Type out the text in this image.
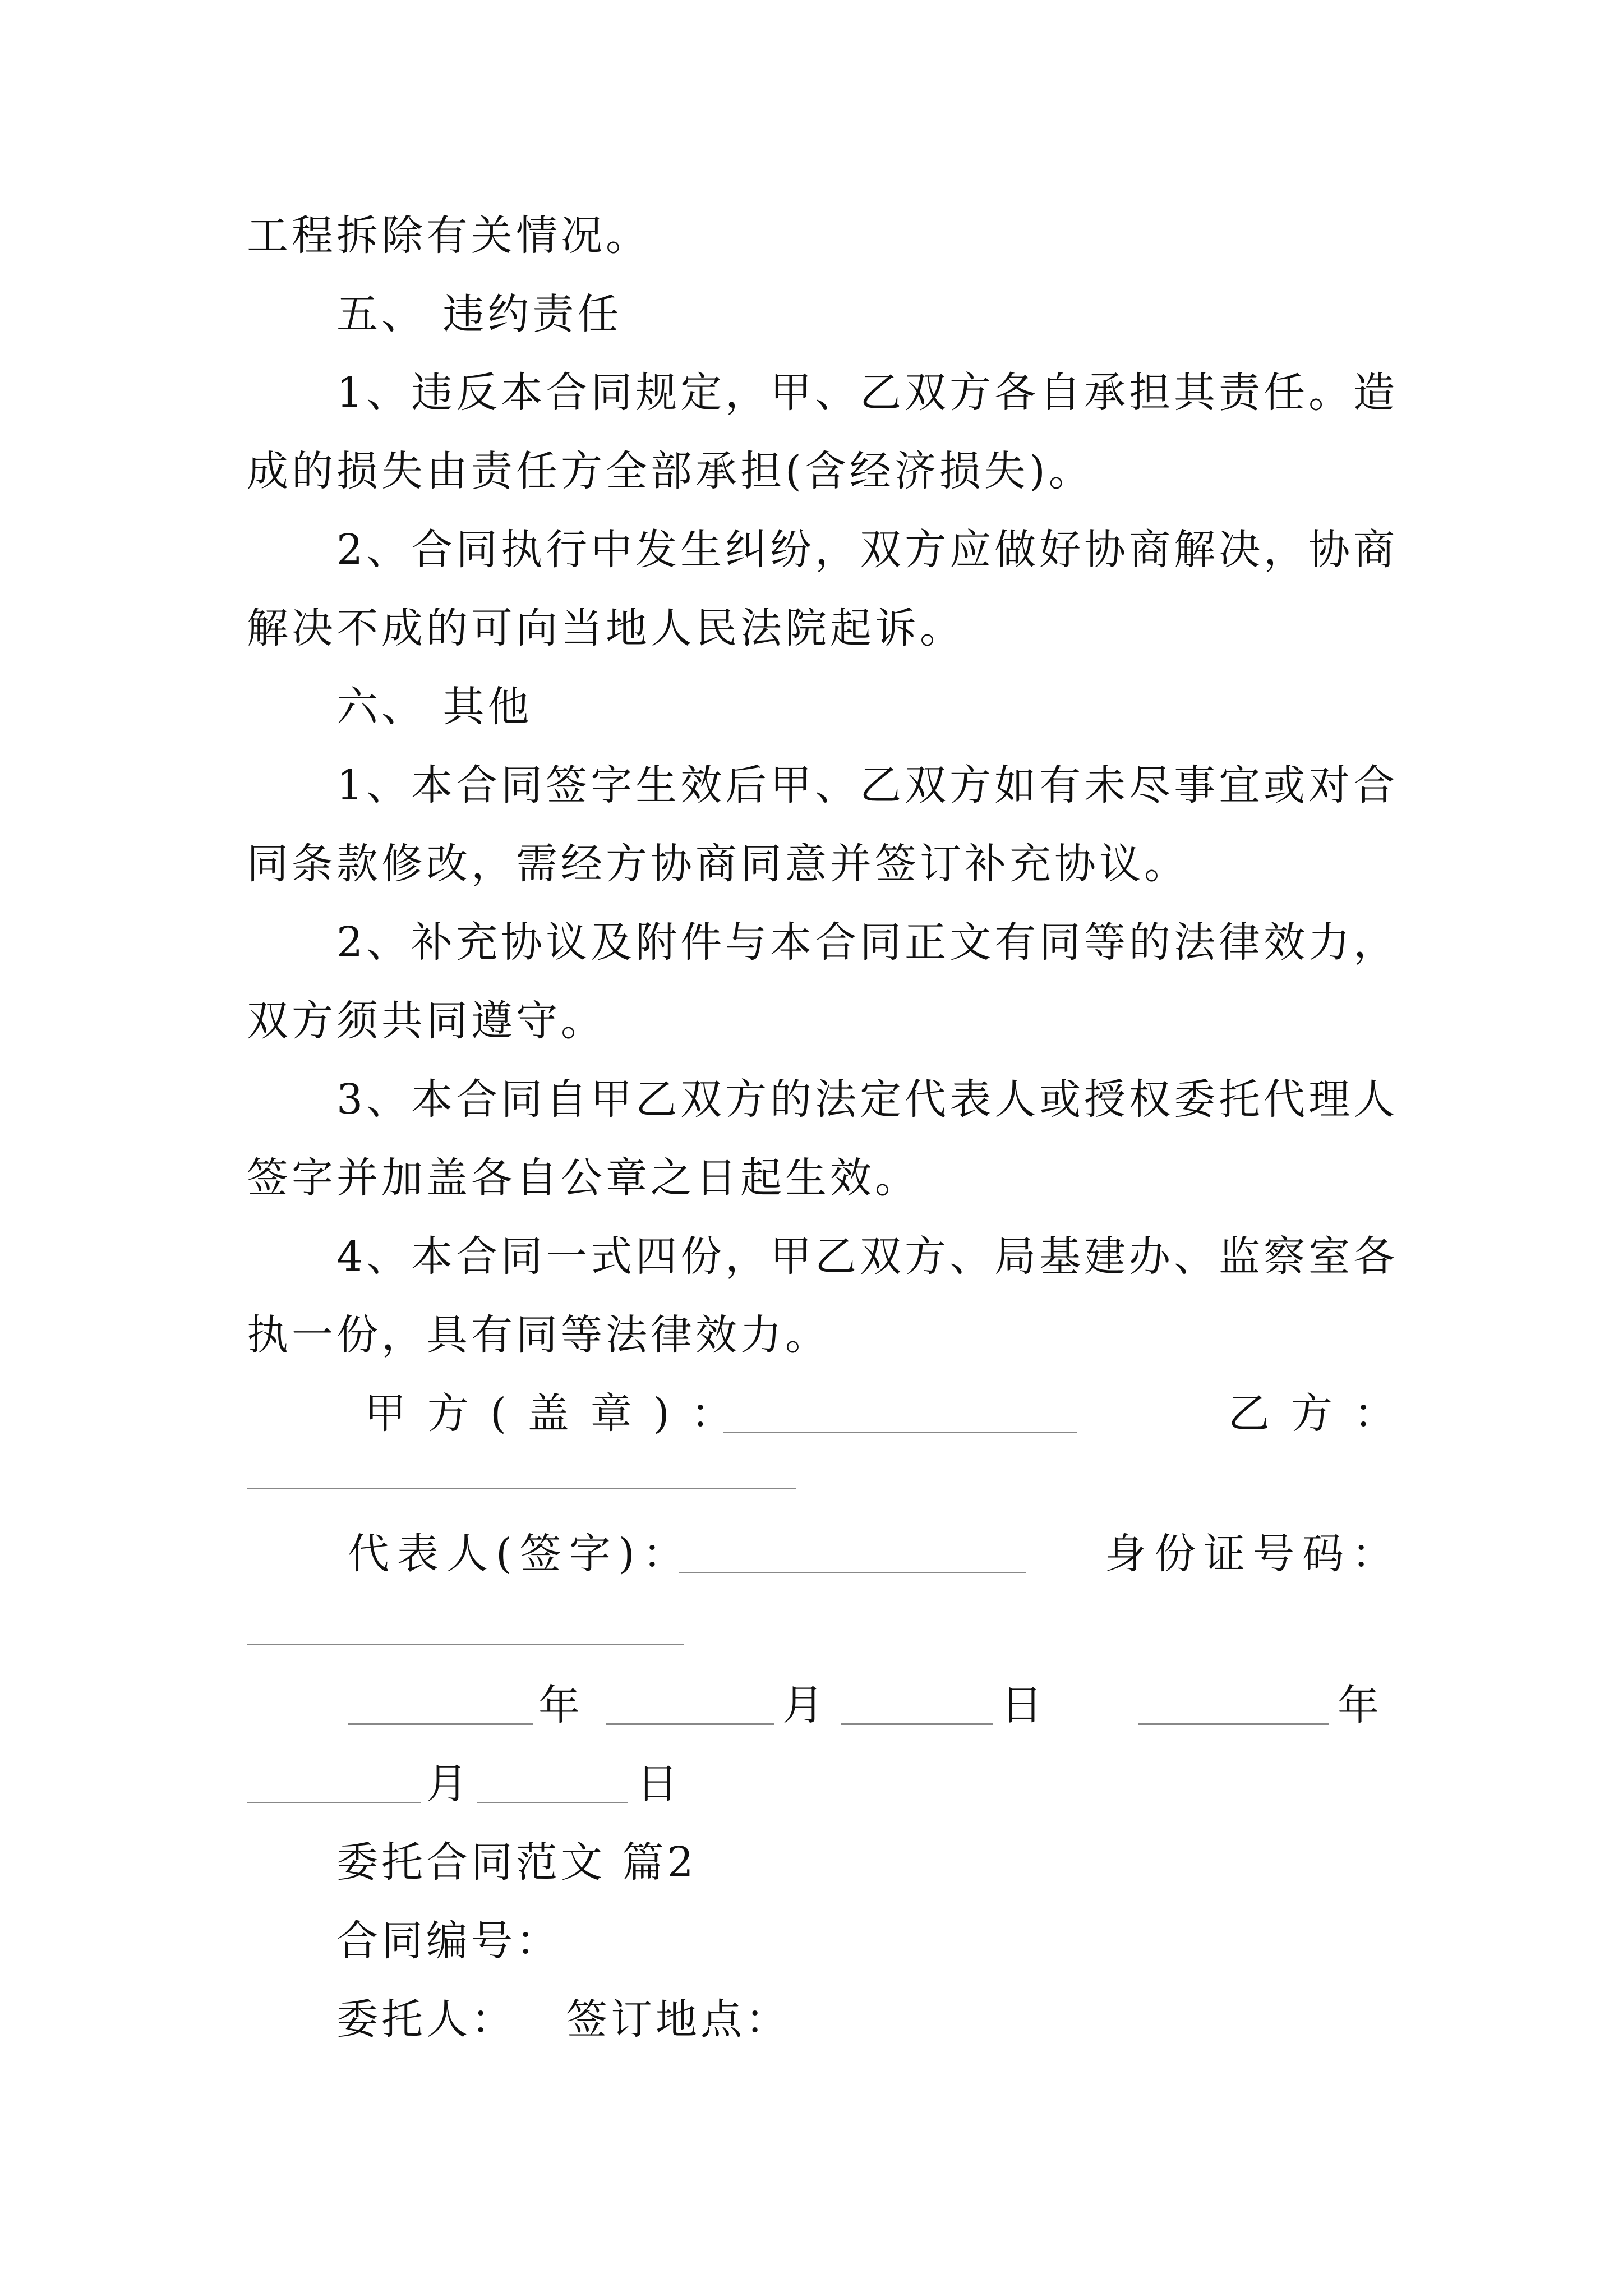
工程拆除有关情况。
五、 违约责任
1、违反本合同规定，甲、乙双方各自承担其责任。造
成的损失由责任方全部承担(含经济损失)。
2、合同执行中发生纠纷，双方应做好协商解决，协商
解决不成的可向当地人民法院起诉。
六、 其他
1、本合同签字生效后甲、乙双方如有未尽事宜或对合
同条款修改，需经方协商同意并签订补充协议。
2、补充协议及附件与本合同正文有同等的法律效力，
双方须共同遵守。
3、本合同自甲乙双方的法定代表人或授权委托代理人
签字并加盖各自公章之日起生效。
4、本合同一式四份，甲乙双方、局基建办、监察室各
执一份，具有同等法律效力。
甲方(盖章)：	乙方：
代表人(签字)：	身份证号码：
年	月	日	年
月	日
委托合同范文 篇2
合同编号：
委托人： 签订地点：
